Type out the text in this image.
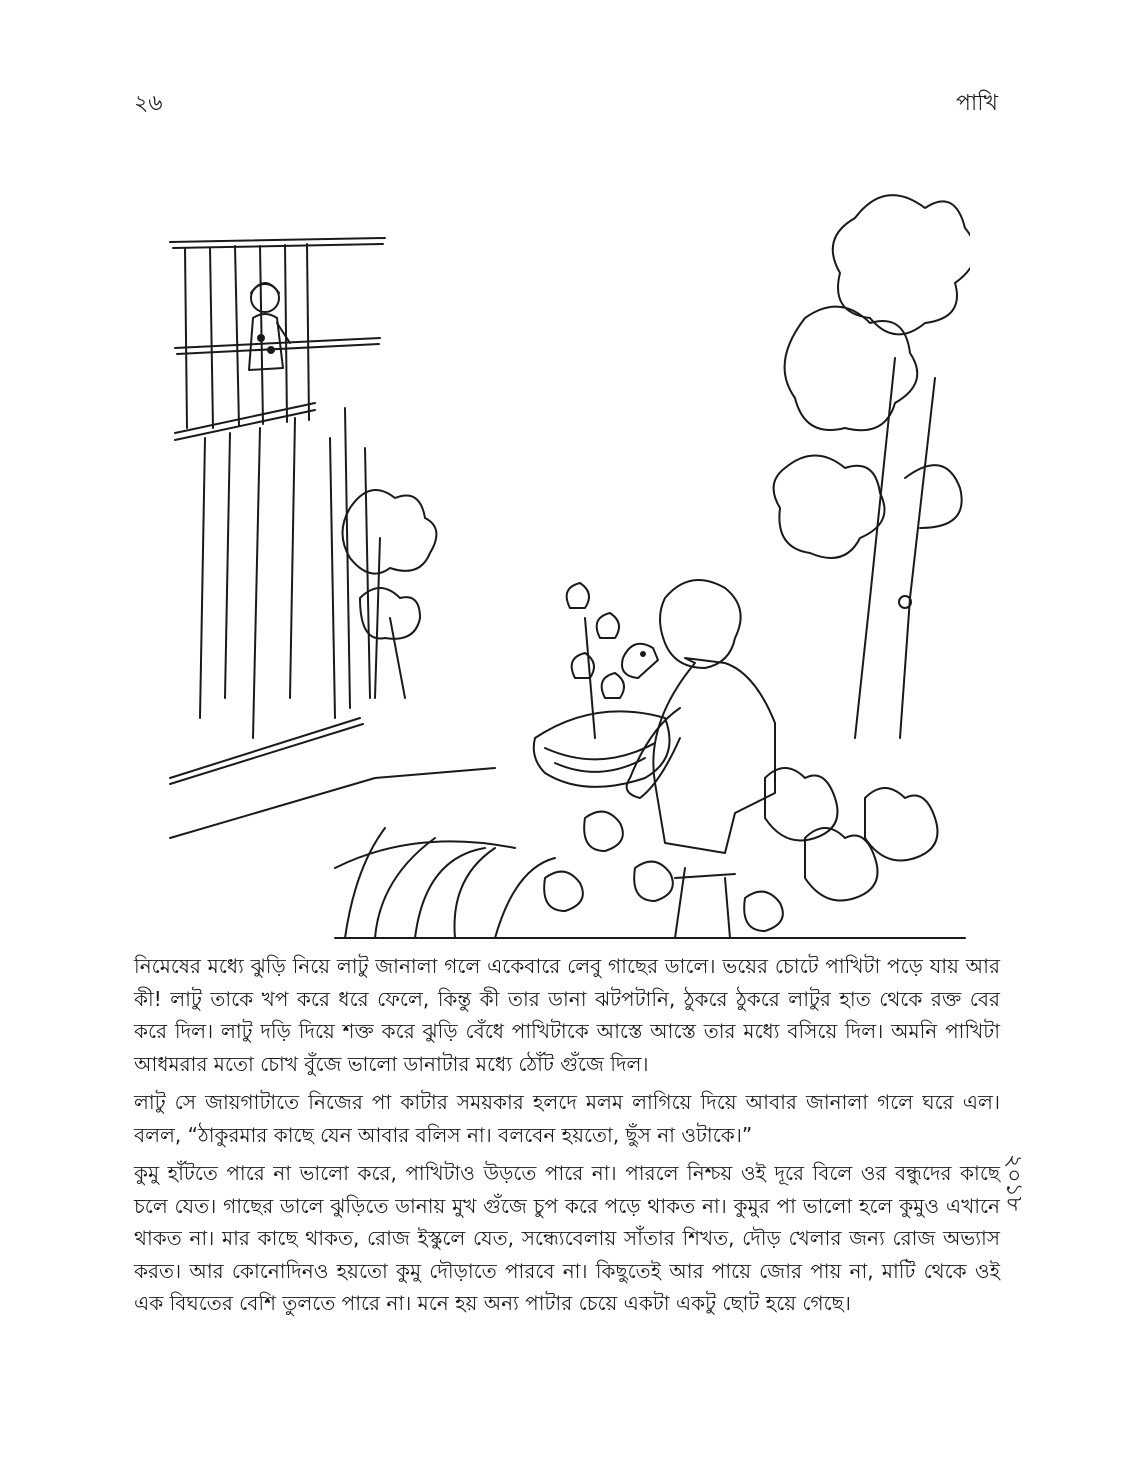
২৬	পাখি

নিমেষের মধ্যে ঝুড়ি নিয়ে লাটু জানালা গলে একেবারে লেবু গাছের ডালে। ভয়ের চোটে পাখিটা পড়ে যায় আর কী! লাটু তাকে খপ করে ধরে ফেলে, কিন্তু কী তার ডানা ঝটপটানি, ঠুকরে ঠুকরে লাটুর হাত থেকে রক্ত বের করে দিল। লাটু দড়ি দিয়ে শক্ত করে ঝুড়ি বেঁধে পাখিটাকে আস্তে আস্তে তার মধ্যে বসিয়ে দিল। অমনি পাখিটা আধমরার মতো চোখ বুঁজে ভালো ডানাটার মধ্যে ঠোঁট গুঁজে দিল।

লাটু সে জায়গাটাতে নিজের পা কাটার সময়কার হলদে মলম লাগিয়ে দিয়ে আবার জানালা গলে ঘরে এল। বলল, “ঠাকুরমার কাছে যেন আবার বলিস না। বলবেন হয়তো, ছুঁস না ওটাকে।”

কুমু হাঁটতে পারে না ভালো করে, পাখিটাও উড়তে পারে না। পারলে নিশ্চয় ওই দূরে বিলে ওর বন্ধুদের কাছে চলে যেত। গাছের ডালে ঝুড়িতে ডানায় মুখ গুঁজে চুপ করে পড়ে থাকত না। কুমুর পা ভালো হলে কুমুও এখানে থাকত না। মার কাছে থাকত, রোজ ইস্কুলে যেত, সন্ধ্যেবেলায় সাঁতার শিখত, দৌড় খেলার জন্য রোজ অভ্যাস করত। আর কোনোদিনও হয়তো কুমু দৌড়াতে পারবে না। কিছুতেই আর পায়ে জোর পায় না, মাটি থেকে ওই এক বিঘতের বেশি তুলতে পারে না। মনে হয় অন্য পাটার চেয়ে একটা একটু ছোট হয়ে গেছে।

২০১৮
